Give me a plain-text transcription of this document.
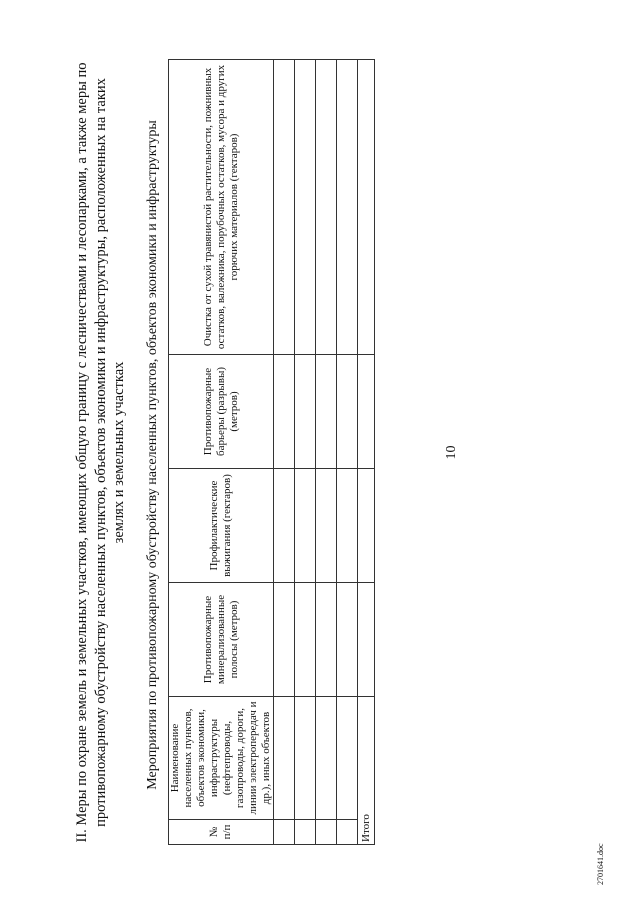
10
II. Меры по охране земель и земельных участков, имеющих общую границу с лесничествами и лесопарками, а также меры по противопожарному обустройству населенных пунктов, объектов экономики и инфраструктуры, расположенных на таких землях и земельных участках Мероприятия по противопожарному обустройству населенных пунктов, объектов экономики и инфраструктуры
№ п/п	Наименование населенных пунктов, объектов экономики, инфраструктуры (нефтепроводы, газопроводы, дороги, линии электропередач и др.), иных объектов	Противопожарные минерализованные полосы (метров)	Профилактические выжигания (гектаров)	Противопожарные барьеры (разрывы) (метров)	Очистка от сухой травянистой растительности, пожнивных остатков, валежника, порубочных остатков, мусора и других горючих материалов (гектаров)

Итого					
2701641.doc
